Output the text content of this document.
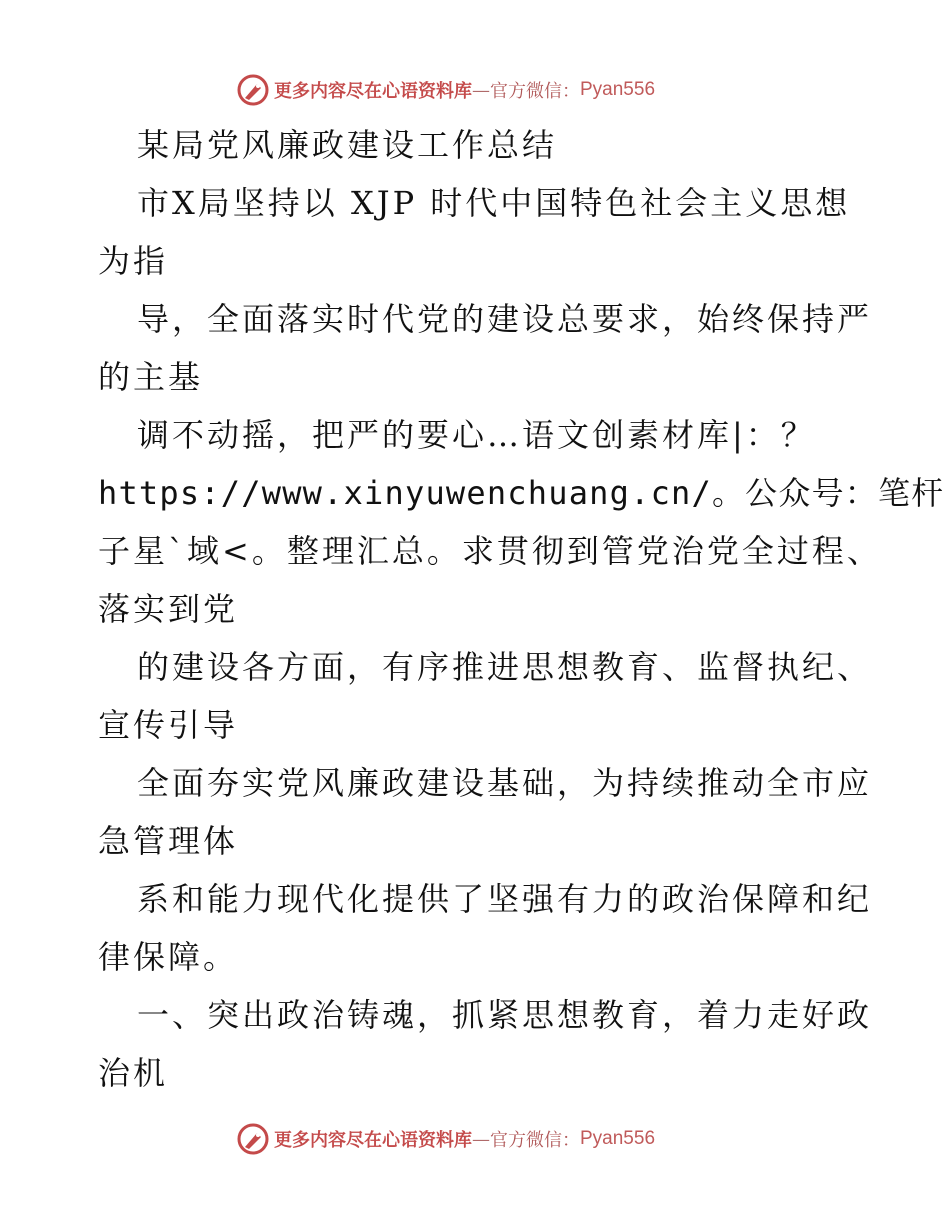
更多内容尽在心语资料库 — 官方微信： Pyan556
某局党风廉政建设工作总结
市X局坚持以 XJP 时代中国特色社会主义思想
为指
导，全面落实时代党的建设总要求，始终保持严
的主基
调不动摇，把严的要心…语文创素材库|：？
https://www.xinyuwenchuang.cn/。公众号：笔杆
子星`域<。整理汇总。求贯彻到管党治党全过程、
落实到党
的建设各方面，有序推进思想教育、监督执纪、
宣传引导
全面夯实党风廉政建设基础，为持续推动全市应
急管理体
系和能力现代化提供了坚强有力的政治保障和纪
律保障。
一、突出政治铸魂，抓紧思想教育，着力走好政
治机
更多内容尽在心语资料库 — 官方微信： Pyan556
